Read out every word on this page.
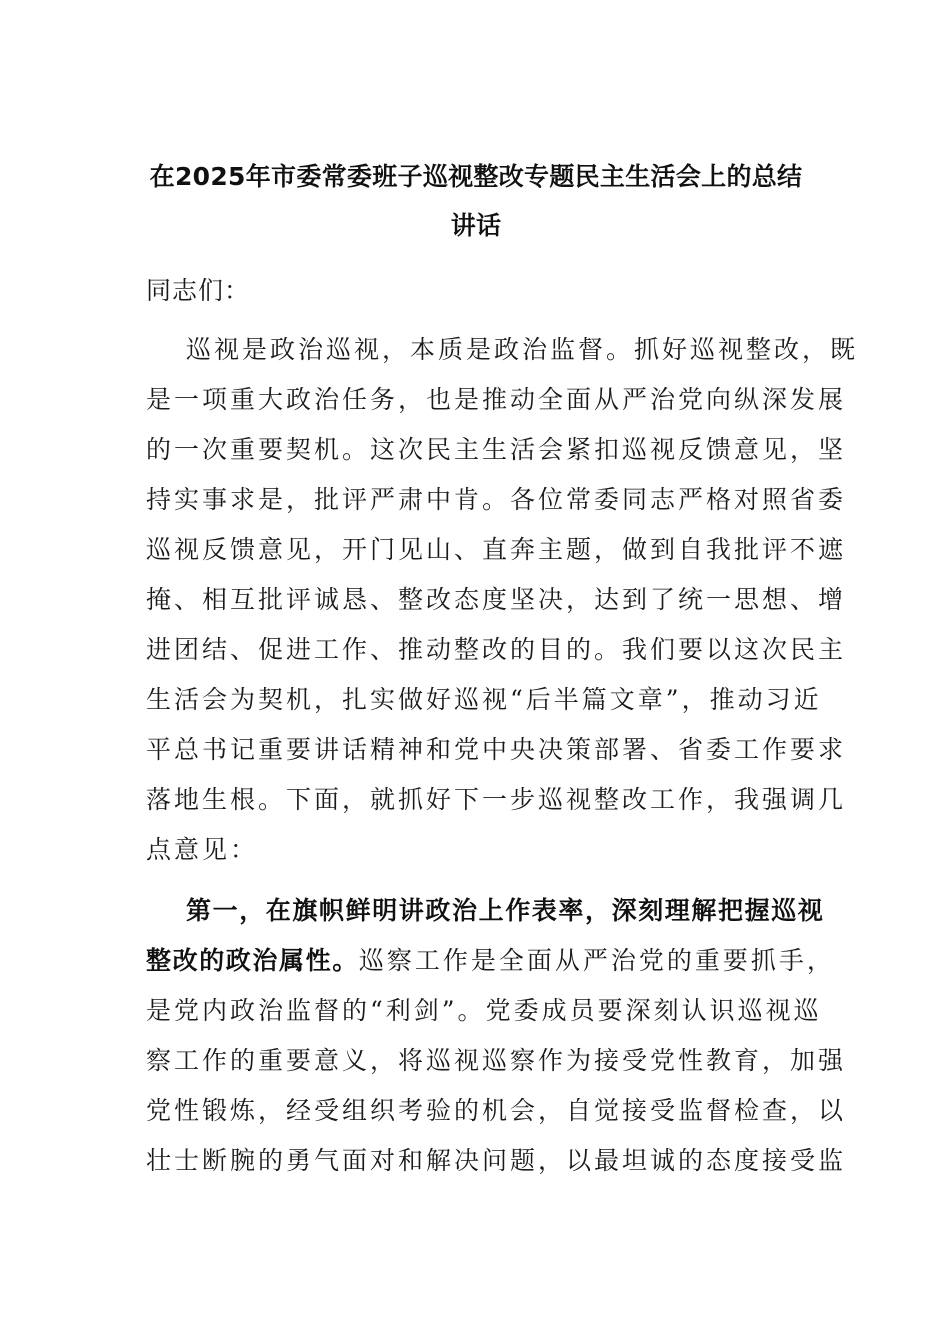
在2025年市委常委班子巡视整改专题民主生活会上的总结
讲话
同志们：
巡视是政治巡视，本质是政治监督。抓好巡视整改，既
是一项重大政治任务，也是推动全面从严治党向纵深发展
的一次重要契机。这次民主生活会紧扣巡视反馈意见，坚
持实事求是，批评严肃中肯。各位常委同志严格对照省委
巡视反馈意见，开门见山、直奔主题，做到自我批评不遮
掩、相互批评诚恳、整改态度坚决，达到了统一思想、增
进团结、促进工作、推动整改的目的。我们要以这次民主
生活会为契机，扎实做好巡视“后半篇文章”，推动习近
平总书记重要讲话精神和党中央决策部署、省委工作要求
落地生根。下面，就抓好下一步巡视整改工作，我强调几
点意见：
第一，在旗帜鲜明讲政治上作表率，深刻理解把握巡视
整改的政治属性。巡察工作是全面从严治党的重要抓手，
是党内政治监督的“利剑”。党委成员要深刻认识巡视巡
察工作的重要意义，将巡视巡察作为接受党性教育，加强
党性锻炼，经受组织考验的机会，自觉接受监督检查，以
壮士断腕的勇气面对和解决问题，以最坦诚的态度接受监
